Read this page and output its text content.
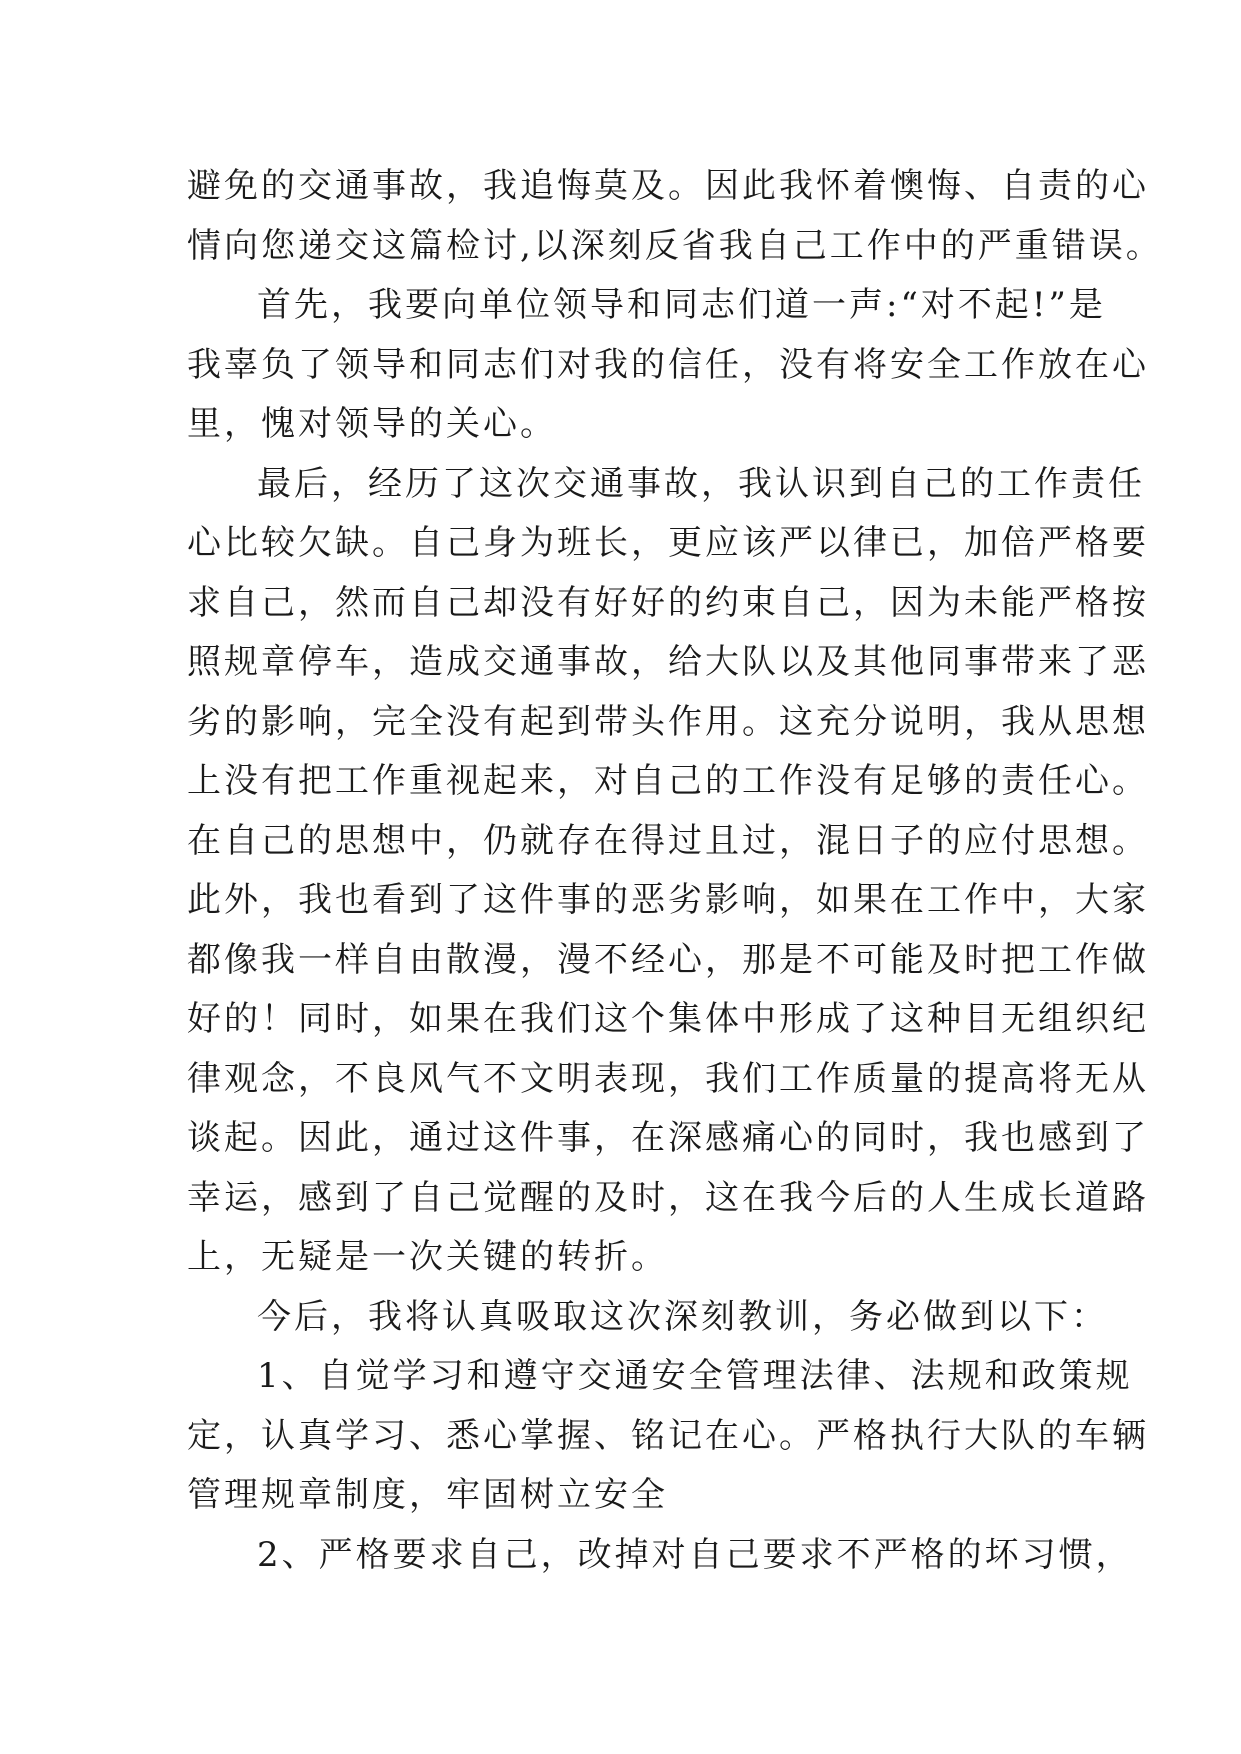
避免的交通事故，我追悔莫及。因此我怀着懊悔、自责的心
情向您递交这篇检讨,以深刻反省我自己工作中的严重错误。
首先，我要向单位领导和同志们道一声:“对不起!”是
我辜负了领导和同志们对我的信任，没有将安全工作放在心
里，愧对领导的关心。
最后，经历了这次交通事故，我认识到自己的工作责任
心比较欠缺。自己身为班长，更应该严以律已，加倍严格要
求自己，然而自己却没有好好的约束自己，因为未能严格按
照规章停车，造成交通事故，给大队以及其他同事带来了恶
劣的影响，完全没有起到带头作用。这充分说明，我从思想
上没有把工作重视起来，对自己的工作没有足够的责任心。
在自己的思想中，仍就存在得过且过，混日子的应付思想。
此外，我也看到了这件事的恶劣影响，如果在工作中，大家
都像我一样自由散漫，漫不经心，那是不可能及时把工作做
好的！同时，如果在我们这个集体中形成了这种目无组织纪
律观念，不良风气不文明表现，我们工作质量的提高将无从
谈起。因此，通过这件事，在深感痛心的同时，我也感到了
幸运，感到了自己觉醒的及时，这在我今后的人生成长道路
上，无疑是一次关键的转折。
今后，我将认真吸取这次深刻教训，务必做到以下：
1、自觉学习和遵守交通安全管理法律、法规和政策规
定，认真学习、悉心掌握、铭记在心。严格执行大队的车辆
管理规章制度，牢固树立安全
2、严格要求自己，改掉对自己要求不严格的坏习惯，
